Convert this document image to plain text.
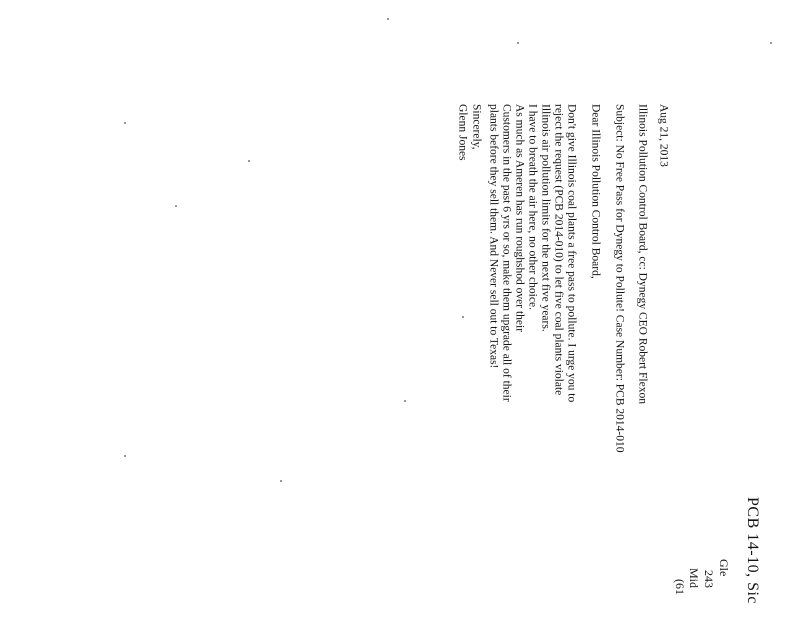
PCB 14-10, Sic
Gle
243
Mid
(61
Aug 21, 2013
Illinois Pollution Control Board, cc: Dynegy CEO Robert Flexon
Subject: No Free Pass for Dynegy to Pollute! Case Number: PCB 2014-010
Dear Illinois Pollution Control Board,
Don't give Illinois coal plants a free pass to pollute. I urge you to
reject the request (PCB 2014-010) to let five coal plants violate
Illinois air pollution limits for the next five years.
I have to breath the air here, no other choice.
As much as Ameren has run roughshod over their
Customers in the past 6 yrs or so, make them upgrade all of their
plants before they sell them. And Never sell out to Texas!
Sincerely,
Glenn Jones
